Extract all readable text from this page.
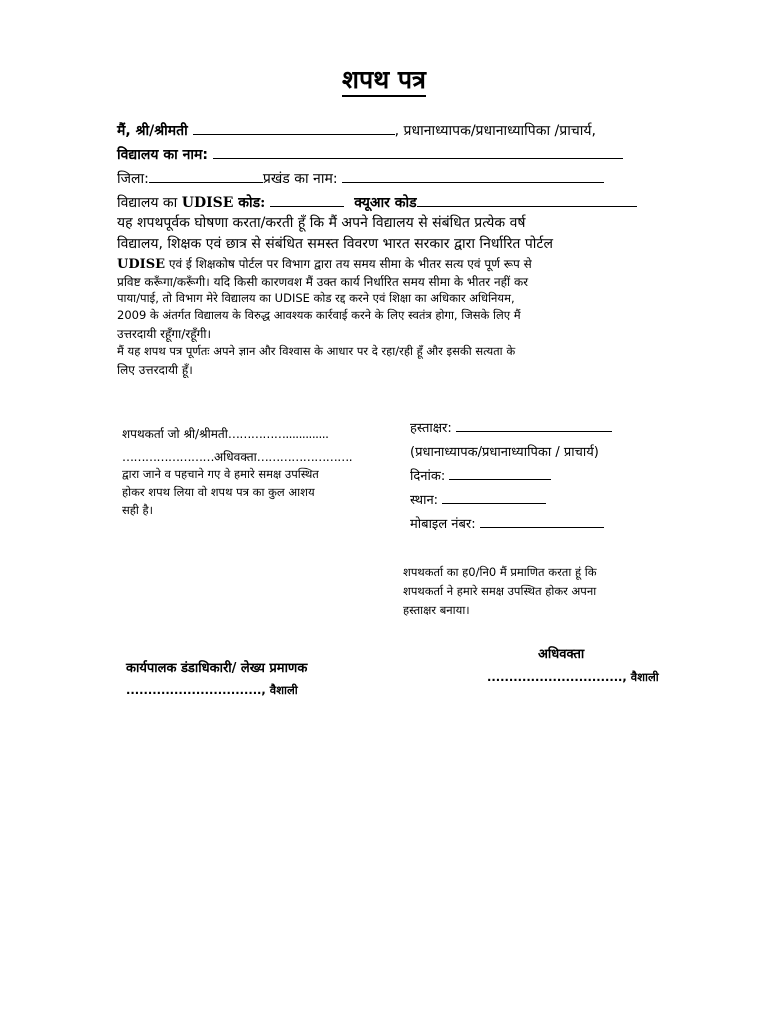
शपथ पत्र
मैं, श्री/श्रीमती	, प्रधानाध्यापक/प्रधानाध्यापिका /प्राचार्य,
विद्यालय का नाम:
जिला:	प्रखंड का नाम:
विद्यालय का UDISE कोड:	क्यूआर कोड
यह शपथपूर्वक घोषणा करता/करती हूँ कि मैं अपने विद्यालय से संबंधित प्रत्येक वर्ष
विद्यालय, शिक्षक एवं छात्र से संबंधित समस्त विवरण भारत सरकार द्वारा निर्धारित पोर्टल
UDISE एवं ई शिक्षकोष पोर्टल पर विभाग द्वारा तय समय सीमा के भीतर सत्य एवं पूर्ण रूप से
प्रविष्ट करूँगा/करूँगी। यदि किसी कारणवश मैं उक्त कार्य निर्धारित समय सीमा के भीतर नहीं कर
पाया/पाई, तो विभाग मेरे विद्यालय का UDISE कोड रद्द करने एवं शिक्षा का अधिकार अधिनियम,
2009 के अंतर्गत विद्यालय के विरुद्ध आवश्यक कार्रवाई करने के लिए स्वतंत्र होगा, जिसके लिए मैं
उत्तरदायी रहूँगा/रहूँगी।
मैं यह शपथ पत्र पूर्णतः अपने ज्ञान और विश्वास के आधार पर दे रहा/रही हूँ और इसकी सत्यता के
लिए उत्तरदायी हूँ।
शपथकर्ता जो श्री/श्रीमती…………….............
……………………अधिवक्ता…………………….
द्वारा जाने व पहचाने गए वे हमारे समक्ष उपस्थित
होकर शपथ लिया वो शपथ पत्र का कुल आशय
सही है।
हस्ताक्षर:
(प्रधानाध्यापक/प्रधानाध्यापिका / प्राचार्य)
दिनांक:
स्थान:
मोबाइल नंबर:
शपथकर्ता का ह0/नि0 मैं प्रमाणित करता हूं कि
शपथकर्ता ने हमारे समक्ष उपस्थित होकर अपना
हस्ताक्षर बनाया।
अधिवक्ता
..............................., वैशाली
कार्यपालक डंडाधिकारी/ लेख्य प्रमाणक
..............................., वैशाली
